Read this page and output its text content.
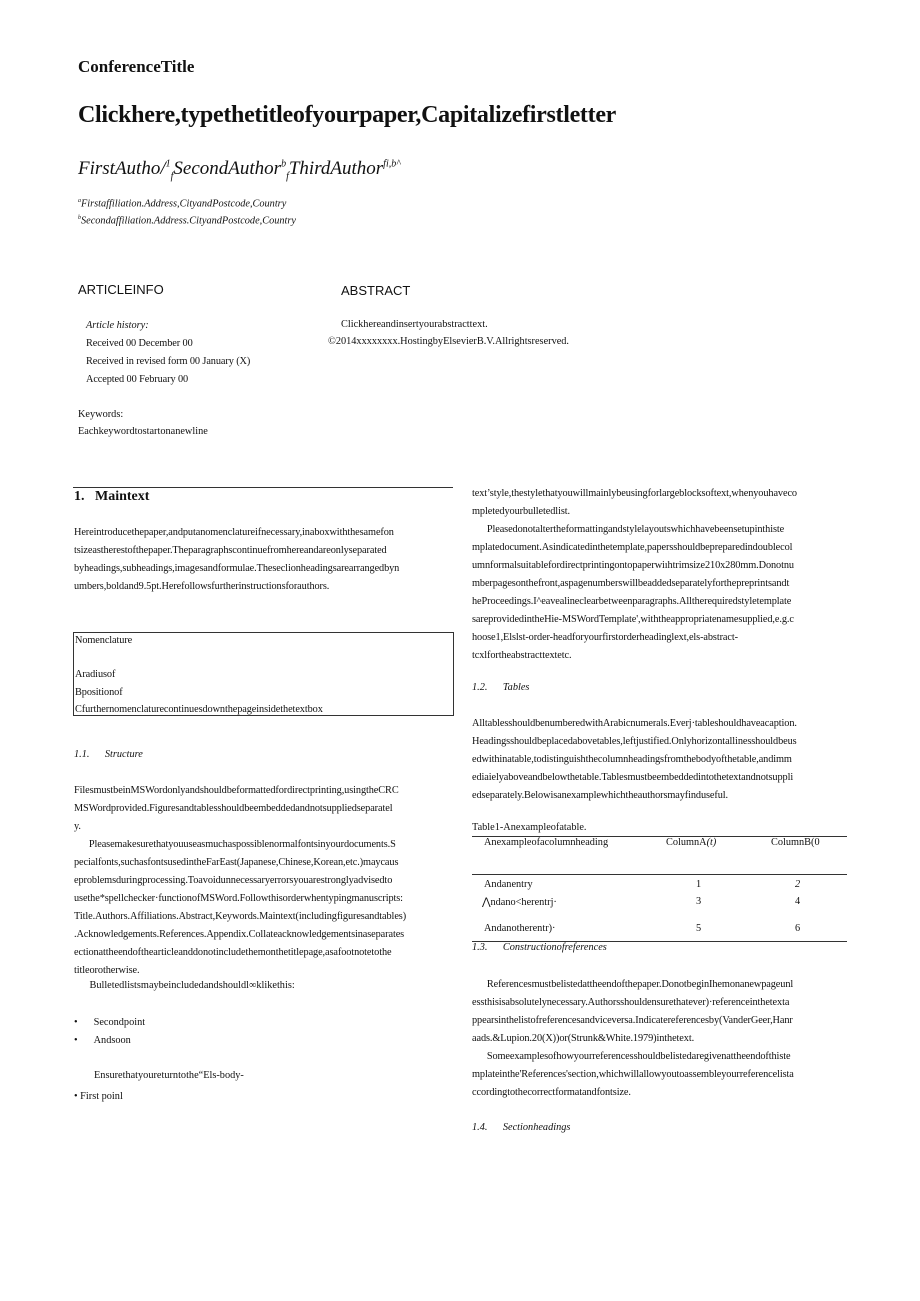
ConferenceTitle
Clickhere,typethetitleofyourpaper,Capitalizefirstletter
FirstAutho/$^1_f$SecondAuthor$^b_f$ThirdAuthor$^{fi,b\^{}}$
$^a$Firstaffiliation.Address,CityandPostcode,Country
$^b$Secondaffiliation.Address.CityandPostcode,Country
ARTICLEINFO	ABSTRACT
Article history:
Received 00 December 00
Received in revised form 00 January (X)
Accepted 00 February 00
Clickhereandinsertyourabstracttext.
©2014xxxxxxxx.HostingbyElsevierB.V.Allrightsreserved.
Keywords:
Eachkeywordtostartonanewline
1.   Maintext
Hereintroducethepaper,andputanomenclatureifnecessary,inaboxwiththesamefon
tsizeastherestofthepaper.Theparagraphscontinuefromhereandareonlyseparated
byheadings,subheadings,imagesandformulae.Theseclionheadingsarearrangedbyn
umbers,boldand9.5pt.Herefollowsfurtherinstructionsforauthors.
Nomenclature
Aradiusof
Bpositionof
Cfurthernomenclaturecontinuesdownthepageinsidethetextbox
1.1.      Structure
FilesmustbeinMSWordonlyandshouldbeformattedfordirectprinting,usingtheCRC
MSWordprovided.Figuresandtablesshouldbeembeddedandnotsuppliedseparatel
y.
Pleasemakesurethatyouuseasmuchaspossiblenormalfontsinyourdocuments.S
pecialfonts,suchasfontsusedintheFarEast(Japanese,Chinese,Korean,etc.)maycaus
eproblemsduringprocessing.Toavoidunnecessaryerrorsyouarestronglyadvisedto
usethe*spellchecker·functionofMSWord.Followthisorderwhentypingmanuscripts:
Title.Authors.Affiliations.Abstract,Keywords.Maintext(includingfiguresandtables)
.Acknowledgements.References.Appendix.Collateacknowledgementsinaseparates
ectionattheendofthearticleanddonotincludethemonthetitlepage,asafootnotetothe
titleorotherwise.
Bulletedlistsmaybeincludedandshouldl∞klikethis:
• Secondpoint
• Andsoon
Ensurethatyoureturntothe“Els-body-
• First poinl
text’style,thestylethatyouwillmainlybeusingforlargeblocksoftext,whenyouhaveco
mpletedyourbulletedlist.
Pleasedonotaltertheformattingandstylelayoutswhichhavebeensetupinthiste
mplatedocument.Asindicatedinthetemplate,papersshouldbepreparedindoublecol
umnformalsuitablefordirectprintingontopaperwiıhtrimsize210x280mm.Donotnu
mberpagesonthefront,aspagenumberswillbeaddedseparatelyforthepreprintsandt
heProceedings.I^eavealineclearbetweenparagraphs.Alltherequiredstyletemplate
sareprovidedintheHie-MSWordTemplate',withtheappropriatenamesupplied,e.g.c
hoose1,Elslst-order-headforyourfirstorderheadinglext,els-abstract-
tcxlfortheabstracttextetc.
1.2.      Tables
AlltablesshouldbenumberedwithArabicnumerals.Everj·tableshouldhaveacaption.
Headingsshouldbeplacedabovetables,leftjustified.Onlyhorizontallinesshouldbeus
edwithinatable,todistinguishthecolumnheadingsfromthebodyofthetable,andimm
ediaielyaboveandbelowthetable.Tablesmustbeembeddedintothetextandnotsuppli
edseparately.Belowisanexamplewhichtheauthorsmayfinduseful.
Table1-Anexampleofatable.
Anexampleofacolumnheading	ColumnA(t)	ColumnB(0
Andanentry	1	2
⋀ndano<herentrj·	3	4
Andanotherentr)·	5	6
1.3.      Constructionofreferences
Referencesmustbelistedattheendofthepaper.DonotbeginIhemonanewpageunl
essthisisabsolutelynecessary.Authorsshouldensurethatever)·referenceinthetexta
ppearsinthelistofreferencesandviceversa.Indicatereferencesby(VanderGeer,Hanr
aads.&Lupion.20(X))or(Strunk&White.1979)inthetext.
Someexamplesofhowyourreferencesshouldbelistedaregivenattheendofthiste
mplateinthe'References'section,whichwillallowyoutoassembleyourreferencelista
ccordingtothecorrectformatandfontsize.
1.4.      Sectionheadings
